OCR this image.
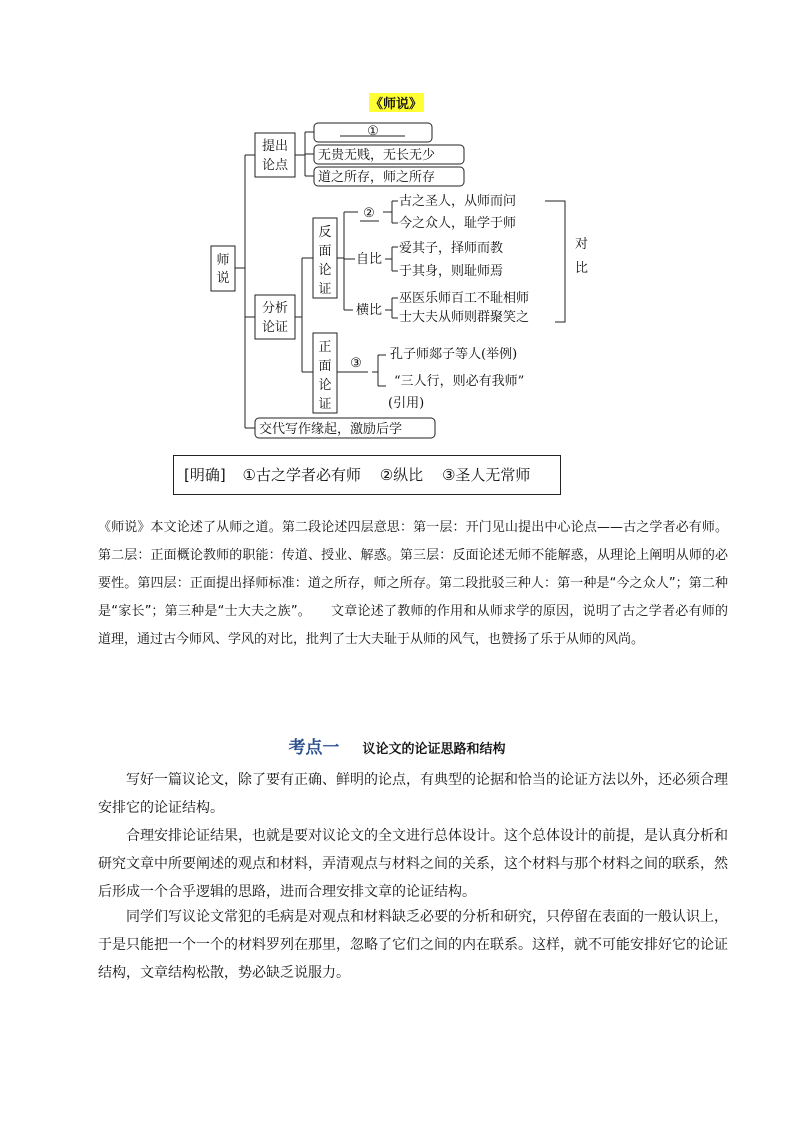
《师说》
师说
提出
论点
①
无贵无贱，无长无少
道之所存，师之所存
分析
论证
反面论证
②
古之圣人，从师而问
今之众人，耻学于师
自比
爱其子，择师而教
于其身，则耻师焉
横比
巫医乐师百工不耻相师
士大夫从师则群聚笑之
对
比
正面论证
③
孔子师郯子等人(举例)
“三人行，则必有我师”
(引用)
交代写作缘起，激励后学
[明确] ①古之学者必有师 ②纵比 ③圣人无常师

《师说》本文论述了从师之道。第二段论述四层意思：第一层：开门见山提出中心论点——古之学者必有师。第二层：正面概论教师的职能：传道、授业、解惑。第三层：反面论述无师不能解惑，从理论上阐明从师的必要性。第四层：正面提出择师标准：道之所存，师之所存。第二段批驳三种人：第一种是“今之众人”；第二种是“家长”；第三种是“士大夫之族”。　　文章论述了教师的作用和从师求学的原因，说明了古之学者必有师的道理，通过古今师风、学风的对比，批判了士大夫耻于从师的风气，也赞扬了乐于从师的风尚。

考点一 议论文的论证思路和结构

写好一篇议论文，除了要有正确、鲜明的论点，有典型的论据和恰当的论证方法以外，还必须合理安排它的论证结构。

合理安排论证结果，也就是要对议论文的全文进行总体设计。这个总体设计的前提，是认真分析和研究文章中所要阐述的观点和材料，弄清观点与材料之间的关系，这个材料与那个材料之间的联系，然后形成一个合乎逻辑的思路，进而合理安排文章的论证结构。

同学们写议论文常犯的毛病是对观点和材料缺乏必要的分析和研究，只停留在表面的一般认识上，于是只能把一个一个的材料罗列在那里，忽略了它们之间的内在联系。这样，就不可能安排好它的论证结构，文章结构松散，势必缺乏说服力。
